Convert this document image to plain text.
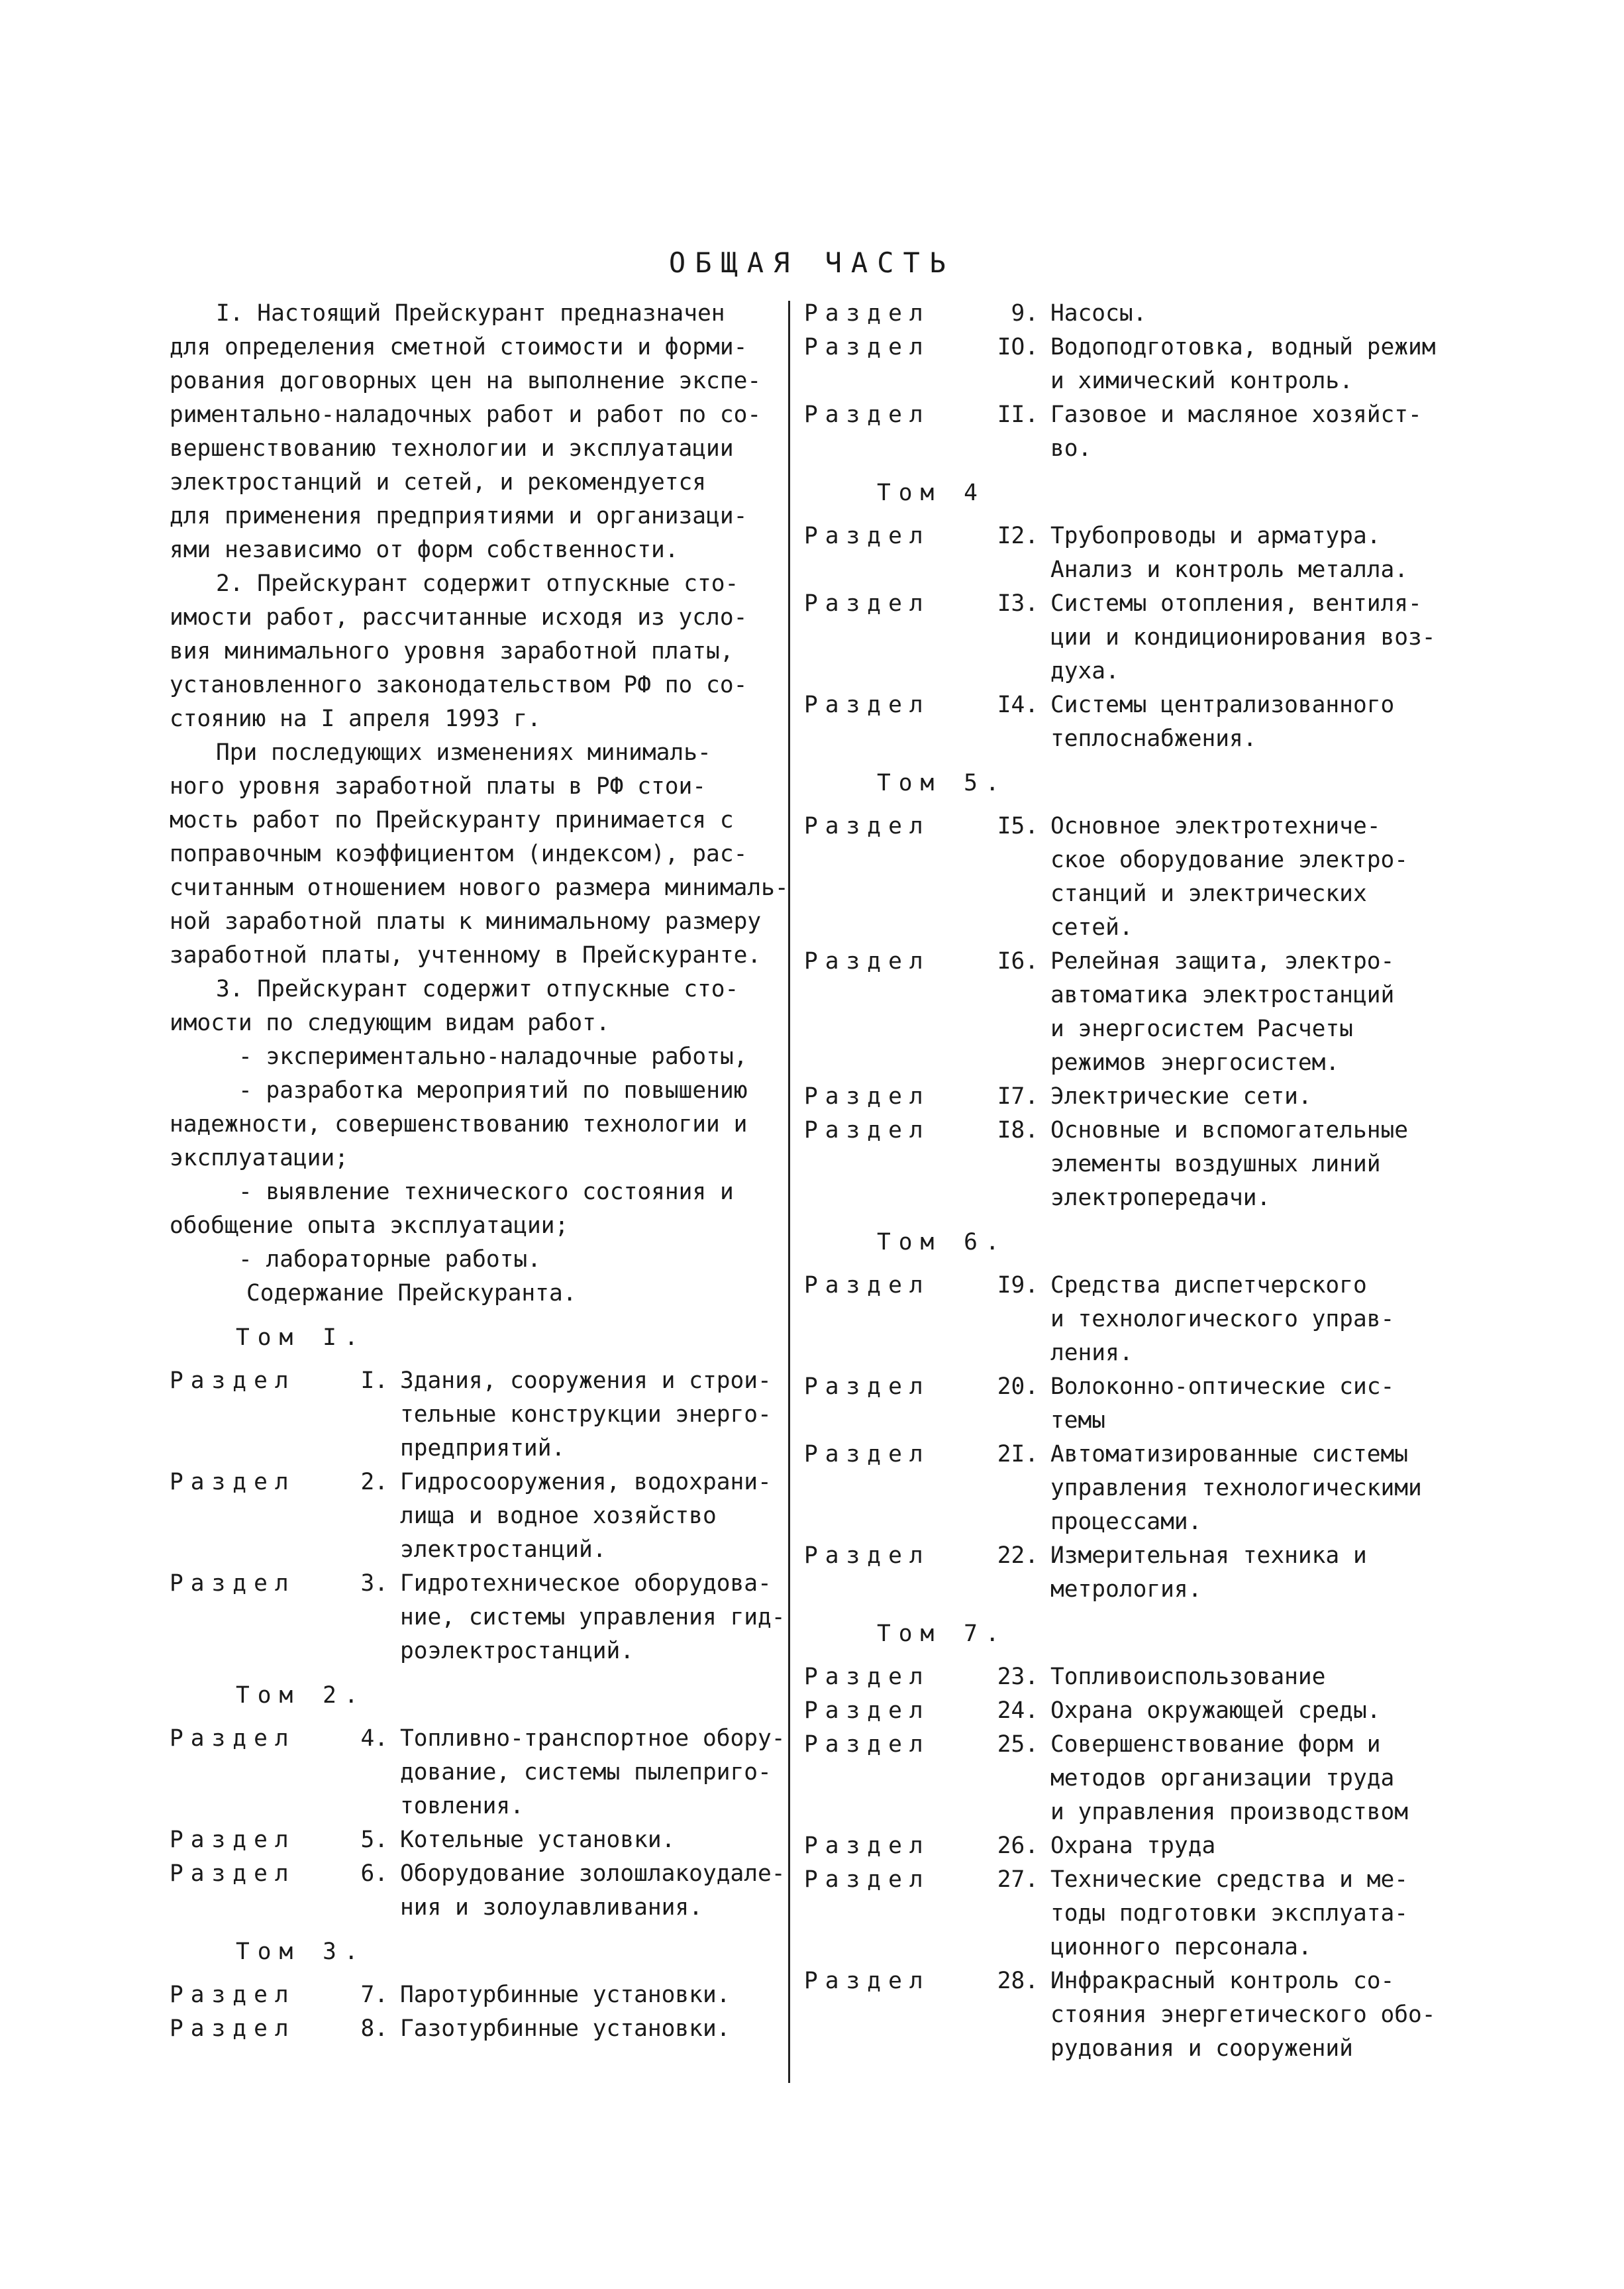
ОБЩАЯ ЧАСТЬ
I. Настоящий Прейскурант предназначен
для определения сметной стоимости и форми-
рования договорных цен на выполнение экспе-
риментально-наладочных работ и работ по со-
вершенствованию технологии и эксплуатации
электростанций и сетей, и рекомендуется
для применения предприятиями и организаци-
ями независимо от форм собственности.
2. Прейскурант содержит отпускные сто-
имости работ, рассчитанные исходя из усло-
вия минимального уровня заработной платы,
установленного законодательством РФ по со-
стоянию на I апреля 1993 г.
При последующих изменениях минималь-
ного уровня заработной платы в РФ стои-
мость работ по Прейскуранту принимается с
поправочным коэффициентом (индексом), рас-
считанным отношением нового размера минималь-
ной заработной платы к минимальному размеру
заработной платы, учтенному в Прейскуранте.
3. Прейскурант содержит отпускные сто-
имости по следующим видам работ.
- экспериментально-наладочные работы,
- разработка мероприятий по повышению
надежности, совершенствованию технологии и
эксплуатации;
- выявление технического состояния и
обобщение опыта эксплуатации;
- лабораторные работы.
Содержание Прейскуранта.
Том I.
Раздел	I. Здания, сооружения и строи-
тельные конструкции энерго-
предприятий.
Раздел	2. Гидросооружения, водохрани-
лища и водное хозяйство
электростанций.
Раздел	3. Гидротехническое оборудова-
ние, системы управления гид-
роэлектростанций.
Том 2.
Раздел	4. Топливно-транспортное обору-
дование, системы пылеприго-
товления.
Раздел	5. Котельные установки.
Раздел	6. Оборудование золошлакоудале-
ния и золоулавливания.
Том 3.
Раздел	7. Паротурбинные установки.
Раздел	8. Газотурбинные установки.
Раздел	9. Насосы.
Раздел	IO. Водоподготовка, водный режим
и химический контроль.
Раздел	II. Газовое и масляное хозяйст-
во.
Том 4
Раздел	I2. Трубопроводы и арматура.
Анализ и контроль металла.
Раздел	I3. Системы отопления, вентиля-
ции и кондиционирования воз-
духа.
Раздел	I4. Системы централизованного
теплоснабжения.
Том 5.
Раздел	I5. Основное электротехниче-
ское оборудование электро-
станций и электрических
сетей.
Раздел	I6. Релейная защита, электро-
автоматика электростанций
и энергосистем Расчеты
режимов энергосистем.
Раздел	I7. Электрические сети.
Раздел	I8. Основные и вспомогательные
элементы воздушных линий
электропередачи.
Том 6.
Раздел	I9. Средства диспетчерского
и технологического управ-
ления.
Раздел	20. Волоконно-оптические сис-
темы
Раздел	2I. Автоматизированные системы
управления технологическими
процессами.
Раздел	22. Измерительная техника и
метрология.
Том 7.
Раздел	23. Топливоиспользование
Раздел	24. Охрана окружающей среды.
Раздел	25. Совершенствование форм и
методов организации труда
и управления производством
Раздел	26. Охрана труда
Раздел	27. Технические средства и ме-
тоды подготовки эксплуата-
ционного персонала.
Раздел	28. Инфракрасный контроль со-
стояния энергетического обо-
рудования и сооружений
